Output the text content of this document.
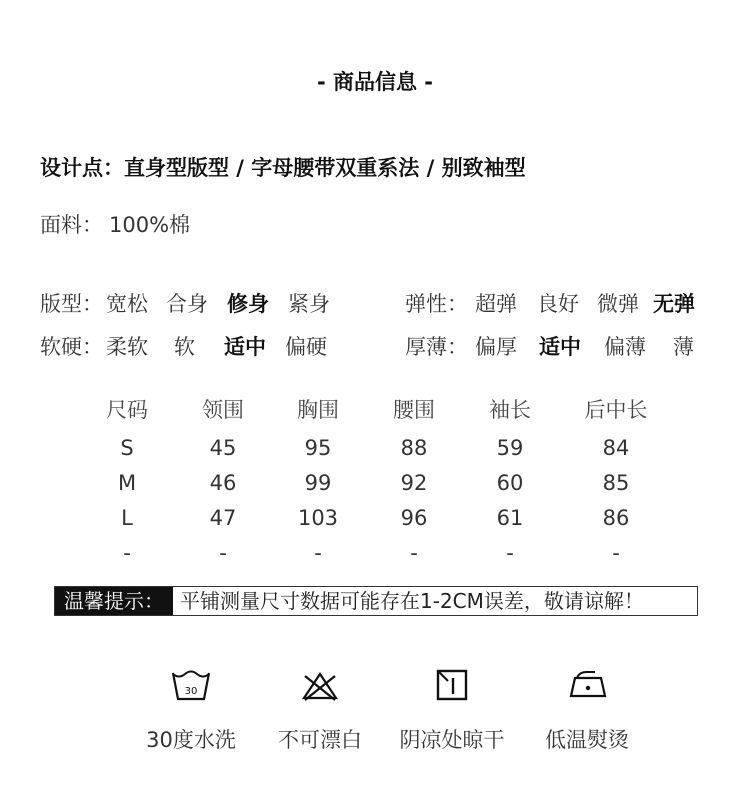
- 商品信息 -
设计点：直身型版型 / 字母腰带双重系法 / 别致袖型
面料： 100%棉
版型： 宽松 合身 修身 紧身	弹性： 超弹 良好 微弹 无弹
软硬： 柔软 软 适中 偏硬	厚薄： 偏厚 适中 偏薄 薄
尺码	领围	胸围	腰围	袖长	后中长
S	45	95	88	59	84
M	46	99	92	60	85
L	47	103	96	61	86
-	-	-	-	-	-
温馨提示： 平铺测量尺寸数据可能存在1-2CM误差，敬请谅解！
30
30度水洗	不可漂白	阴凉处晾干	低温熨烫
